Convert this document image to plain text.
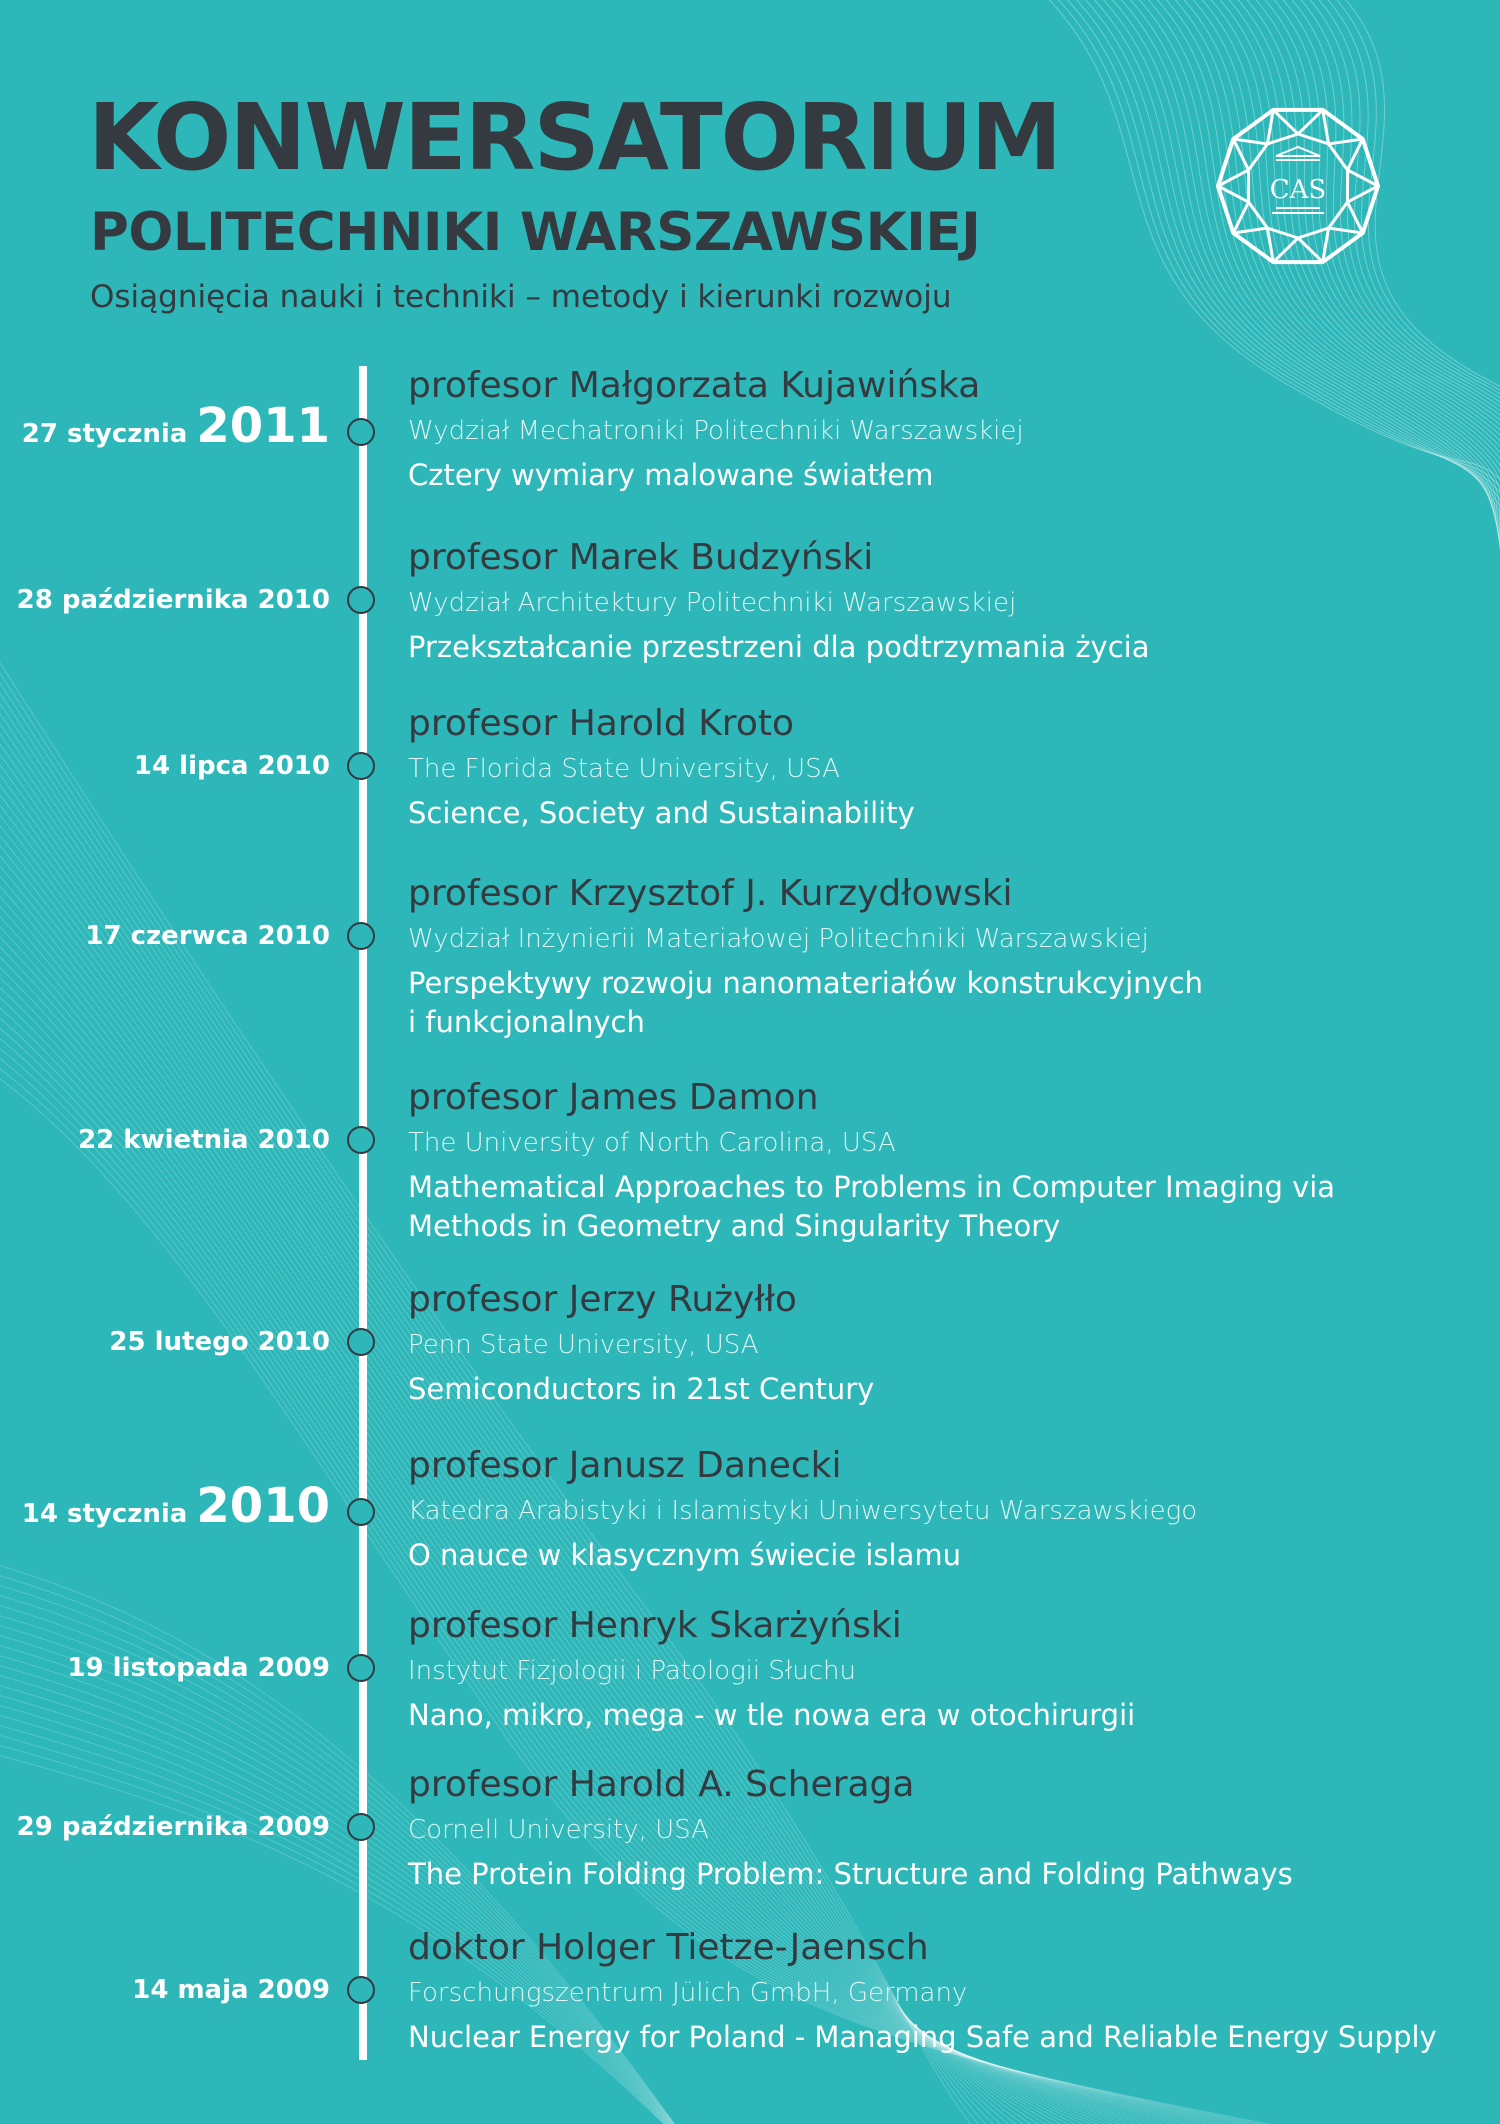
KONWERSATORIUM
POLITECHNIKI WARSZAWSKIEJ
Osiągnięcia nauki i techniki – metody i kierunki rozwoju
CAS
27 stycznia 2011
profesor Małgorzata Kujawińska
Wydział Mechatroniki Politechniki Warszawskiej
Cztery wymiary malowane światłem
28 października 2010
profesor Marek Budzyński
Wydział Architektury Politechniki Warszawskiej
Przekształcanie przestrzeni dla podtrzymania życia
14 lipca 2010
profesor Harold Kroto
The Florida State University, USA
Science, Society and Sustainability
17 czerwca 2010
profesor Krzysztof J. Kurzydłowski
Wydział Inżynierii Materiałowej Politechniki Warszawskiej
Perspektywy rozwoju nanomateriałów konstrukcyjnych
i funkcjonalnych
22 kwietnia 2010
profesor James Damon
The University of North Carolina, USA
Mathematical Approaches to Problems in Computer Imaging via
Methods in Geometry and Singularity Theory
25 lutego 2010
profesor Jerzy Rużyłło
Penn State University, USA
Semiconductors in 21st Century
14 stycznia 2010
profesor Janusz Danecki
Katedra Arabistyki i Islamistyki Uniwersytetu Warszawskiego
O nauce w klasycznym świecie islamu
19 listopada 2009
profesor Henryk Skarżyński
Instytut Fizjologii i Patologii Słuchu
Nano, mikro, mega - w tle nowa era w otochirurgii
29 października 2009
profesor Harold A. Scheraga
Cornell University, USA
The Protein Folding Problem: Structure and Folding Pathways
14 maja 2009
doktor Holger Tietze-Jaensch
Forschungszentrum Jülich GmbH, Germany
Nuclear Energy for Poland - Managing Safe and Reliable Energy Supply
